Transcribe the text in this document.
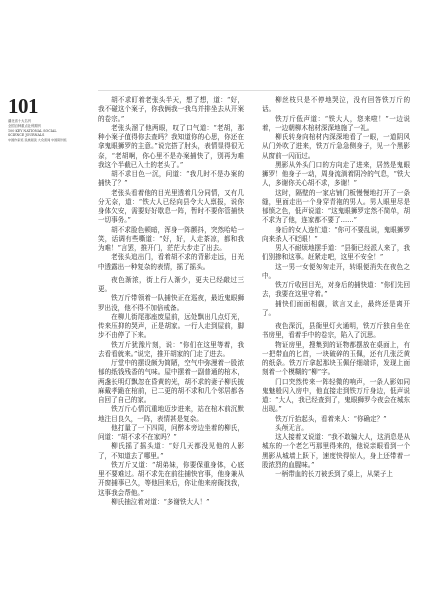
101
湖北省十大名刊
全国百种重点社科期刊
100 KEY NATIONAL SOCIAL
SCIENCE JOURNALS
中国作家奖 民族阅读 大众喜闻 中国期刊奖

胡不求盯着老张头半天，想了想，道：“好，我不碰这个案子，你我俩我一我乌并排坐去从开案的卷宗。”

老张头溜了他两眼，叹了口气道：“老胡，那种小案子值得你去查吗？我知道你的心思，你还在拿鬼眼狮罗的主意。”说完搭了肘头，表情显得很无奈，“老胡啊，你心里不是办案捕快了，别再为难我这个半截已入土的老头了。”

胡不求目色一沉，问道：“我几时不是办案的捕快了？”

老张头看着他的目光里透着几分同情，又有几分无奈，道：“铁大人已经向县令大人禀报，说你身体欠安，需要好好歇息一阵，暂时不要你管捕快一切事务。”

胡不求脸色顿暗，浑身一阵颤抖，突然哈哈一笑，话调有些嘶道：“好，好，人走茶凉，都和我为难！”言罢，推开门，茫茫大步走了出去。

老张头追出门，看着胡不求的背影走远，日光中透露出一种复杂的表情，摇了摇头。

夜色渐浓，街上行人渐少，更夫已经敲过三更。

铁万斤带领着一队捕快正在巡夜，最近鬼眼狮罗出没，他不得不加倍戒备。

在柳儿街尾那座废屋前，远处飘出几点灯光，传来压抑的哭声，正是胡家。一行人走到屋前，脚步不由停了下来。

铁万斤犹豫片刻，说：“你们在这里等着，我去看看就来。”说完，推开胡家的门走了进去。

厅堂中的摆设颇为简陋，空气中弥漫着一股浓郁的纸钱残香的气味。屋中摆着一副普通的棺木，两盏长明灯飘忽在昏黄的光，胡不求的妻子柳氏披麻戴孝跪在棺前，已二更的胡不求和几个邻居都各自回了自己的家。

铁万斤心情沉重地迈步进来，站在棺木前沉默地注目良久，一阵，表情甚是复杂。

他打量了一下四周，问醉本旁边坐着的柳氏，问道：“胡不求不在家吗？”

柳氏摇了摇头道：“好几天都没见他的人影了，不知道去了哪里。”

铁万斤又道：“胡弟妹，你要保重身体，心底里不要难过。胡不求先在前往捕快官事，他身兼从开窗捕事已久，等他回来后，你让他来府衙找我，这事我会帮他。”

柳氏抽泣着对道：“多谢铁大人！”

柳丝枝只是不停地哭泣，没有回答铁万斤的话。

铁万斤低声道：“铁大人，您来啦！”一边说着，一边朝柳木棺材深深地施了一礼。

柳氏转身向棺材内深深地看了一眼，一道阴风从门外吹了进来，铁万斤急急侧身子，见一个黑影从窗前一闪而过。

黑影从外头门口的方向走了进来，居然是鬼眼狮罗！他身子一动，周身流淌着阴冷的气息，“铁大人，多谢你关心胡不求，多谢！”

这时，隔壁的一家店铺门板慢慢地打开了一条缝，里面走出一个身穿青袍的男人。男人眼里尽是郁愤之色，低声说道：“这鬼眼狮罗定然不简单，胡不求为了他，连家都不要了……”

身后的女人连忙道：“你可不要乱说，鬼眼狮罗向来杀人不眨眼！”

男人不耐烦地摆手道：“县衙已经派人来了，我们别掺和这事。赶紧走吧，这里不安全！”

这一男一女便匆匆走开，转眼便消失在夜色之中。

铁万斤收回目光，对身后的捕快道：“你们先回去，我要在这里守着。”

捕快们面面相觑，欲言又止，最终还是离开了。

夜色深沉，县衙里灯火通明，铁万斤独自坐在书房里，看着手中的卷宗，陷入了沉思。

物证房里，搜集到的证物都摆放在桌面上，有一把带血的匕首，一块破碎的玉佩，还有几张泛黄的纸条。铁万斤拿起那块玉佩仔细端详，发现上面刻着一个模糊的“柳”字。

门口突然传来一阵轻微的响声，一条人影如同鬼魅般闪入房中，他直接走到铁万斤身边，低声说道：“大人，我已经查到了，鬼眼狮罗今夜会在城东出现。”

铁万斤抬起头，看着来人：“你确定？”

头颅无言。

这人接着又说道：“我不敢骗大人，这消息是从城东的一个老乞丐那里得来的，他说亲眼看到一个黑影从城墙上跃下，速度快得惊人，身上还带着一股浓烈的血腥味。”

一柄带血的长刀被丢到了桌上，从架子上
